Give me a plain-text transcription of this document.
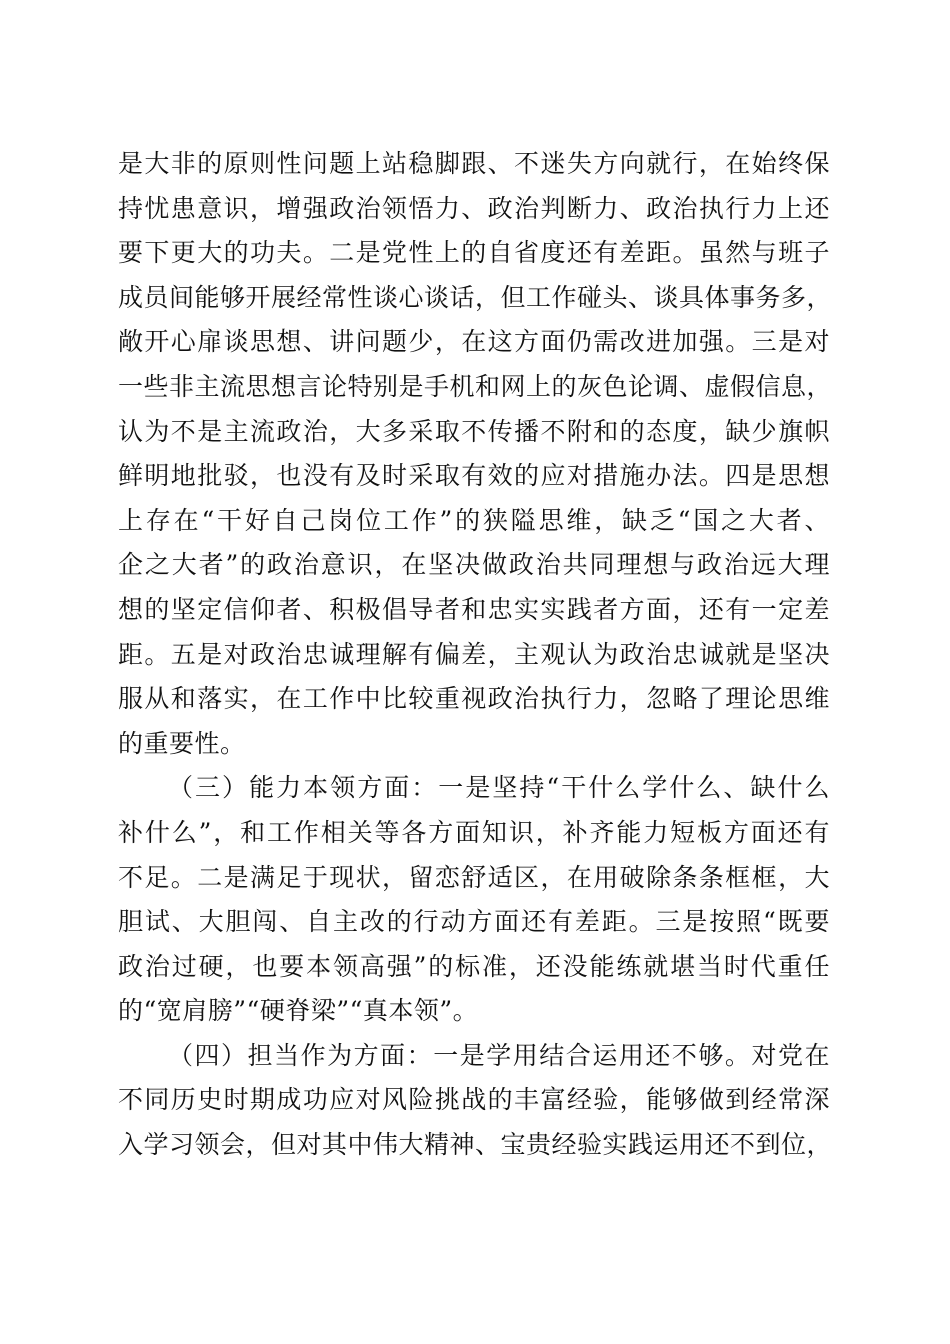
是大非的原则性问题上站稳脚跟、不迷失方向就行，在始终保
持忧患意识，增强政治领悟力、政治判断力、政治执行力上还
要下更大的功夫。二是党性上的自省度还有差距。虽然与班子
成员间能够开展经常性谈心谈话，但工作碰头、谈具体事务多，
敞开心扉谈思想、讲问题少，在这方面仍需改进加强。三是对
一些非主流思想言论特别是手机和网上的灰色论调、虚假信息，
认为不是主流政治，大多采取不传播不附和的态度，缺少旗帜
鲜明地批驳，也没有及时采取有效的应对措施办法。四是思想
上存在“干好自己岗位工作”的狭隘思维，缺乏“国之大者、
企之大者”的政治意识，在坚决做政治共同理想与政治远大理
想的坚定信仰者、积极倡导者和忠实实践者方面，还有一定差
距。五是对政治忠诚理解有偏差，主观认为政治忠诚就是坚决
服从和落实，在工作中比较重视政治执行力，忽略了理论思维
的重要性。
（三）能力本领方面：一是坚持“干什么学什么、缺什么
补什么”，和工作相关等各方面知识，补齐能力短板方面还有
不足。二是满足于现状，留恋舒适区，在用破除条条框框，大
胆试、大胆闯、自主改的行动方面还有差距。三是按照“既要
政治过硬，也要本领高强”的标准，还没能练就堪当时代重任
的“宽肩膀”“硬脊梁”“真本领”。
（四）担当作为方面：一是学用结合运用还不够。对党在
不同历史时期成功应对风险挑战的丰富经验，能够做到经常深
入学习领会，但对其中伟大精神、宝贵经验实践运用还不到位，
